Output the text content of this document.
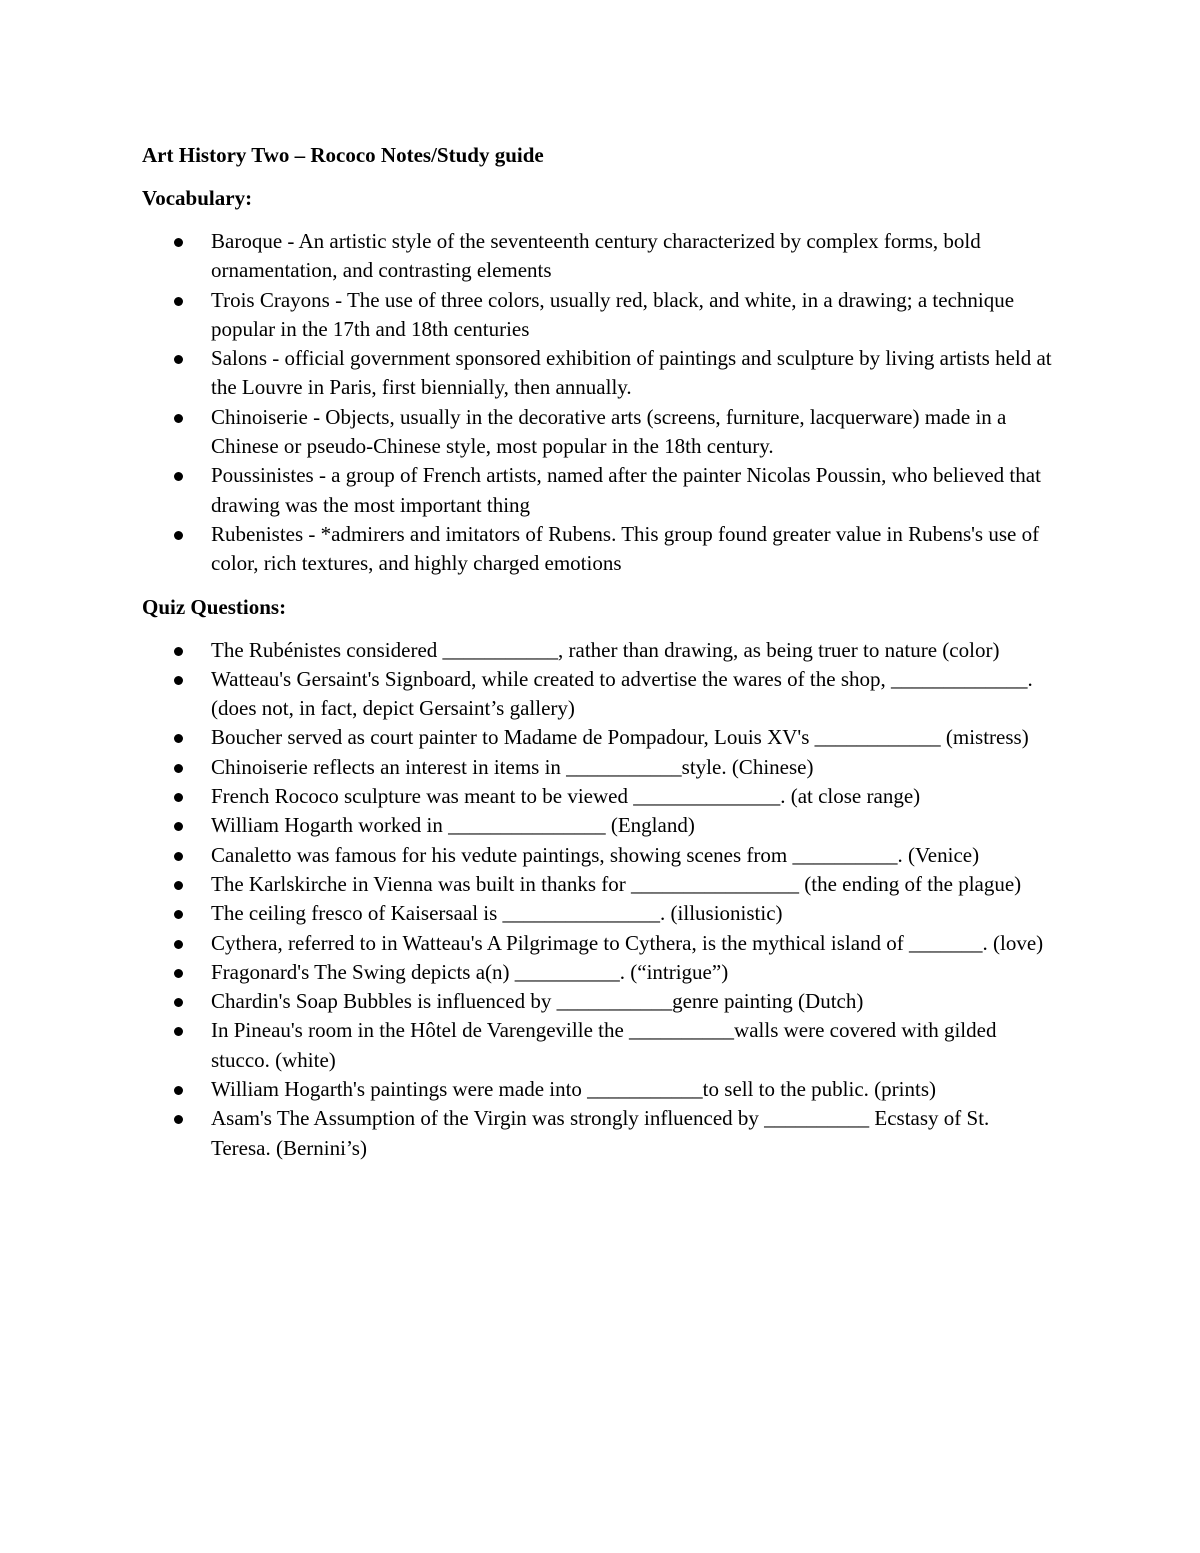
Art History Two – Rococo Notes/Study guide
Vocabulary:
Baroque - An artistic style of the seventeenth century characterized by complex forms, bold ornamentation, and contrasting elements
Trois Crayons - The use of three colors, usually red, black, and white, in a drawing; a technique popular in the 17th and 18th centuries
Salons - official government sponsored exhibition of paintings and sculpture by living artists held at the Louvre in Paris, first biennially, then annually.
Chinoiserie - Objects, usually in the decorative arts (screens, furniture, lacquerware) made in a Chinese or pseudo-Chinese style, most popular in the 18th century.
Poussinistes - a group of French artists, named after the painter Nicolas Poussin, who believed that drawing was the most important thing
Rubenistes - *admirers and imitators of Rubens. This group found greater value in Rubens's use of color, rich textures, and highly charged emotions
Quiz Questions:
The Rubénistes considered ___________, rather than drawing, as being truer to nature (color)
Watteau's Gersaint's Signboard, while created to advertise the wares of the shop, _____________. (does not, in fact, depict Gersaint’s gallery)
Boucher served as court painter to Madame de Pompadour, Louis XV's ____________ (mistress)
Chinoiserie reflects an interest in items in ___________style. (Chinese)
French Rococo sculpture was meant to be viewed ______________. (at close range)
William Hogarth worked in _______________ (England)
Canaletto was famous for his vedute paintings, showing scenes from __________. (Venice)
The Karlskirche in Vienna was built in thanks for ________________ (the ending of the plague)
The ceiling fresco of Kaisersaal is _______________. (illusionistic)
Cythera, referred to in Watteau's A Pilgrimage to Cythera, is the mythical island of _______. (love)
Fragonard's The Swing depicts a(n) __________. (“intrigue”)
Chardin's Soap Bubbles is influenced by ___________genre painting (Dutch)
In Pineau's room in the Hôtel de Varengeville the __________walls were covered with gilded stucco. (white)
William Hogarth's paintings were made into ___________to sell to the public. (prints)
Asam's The Assumption of the Virgin was strongly influenced by __________ Ecstasy of St. Teresa. (Bernini’s)
